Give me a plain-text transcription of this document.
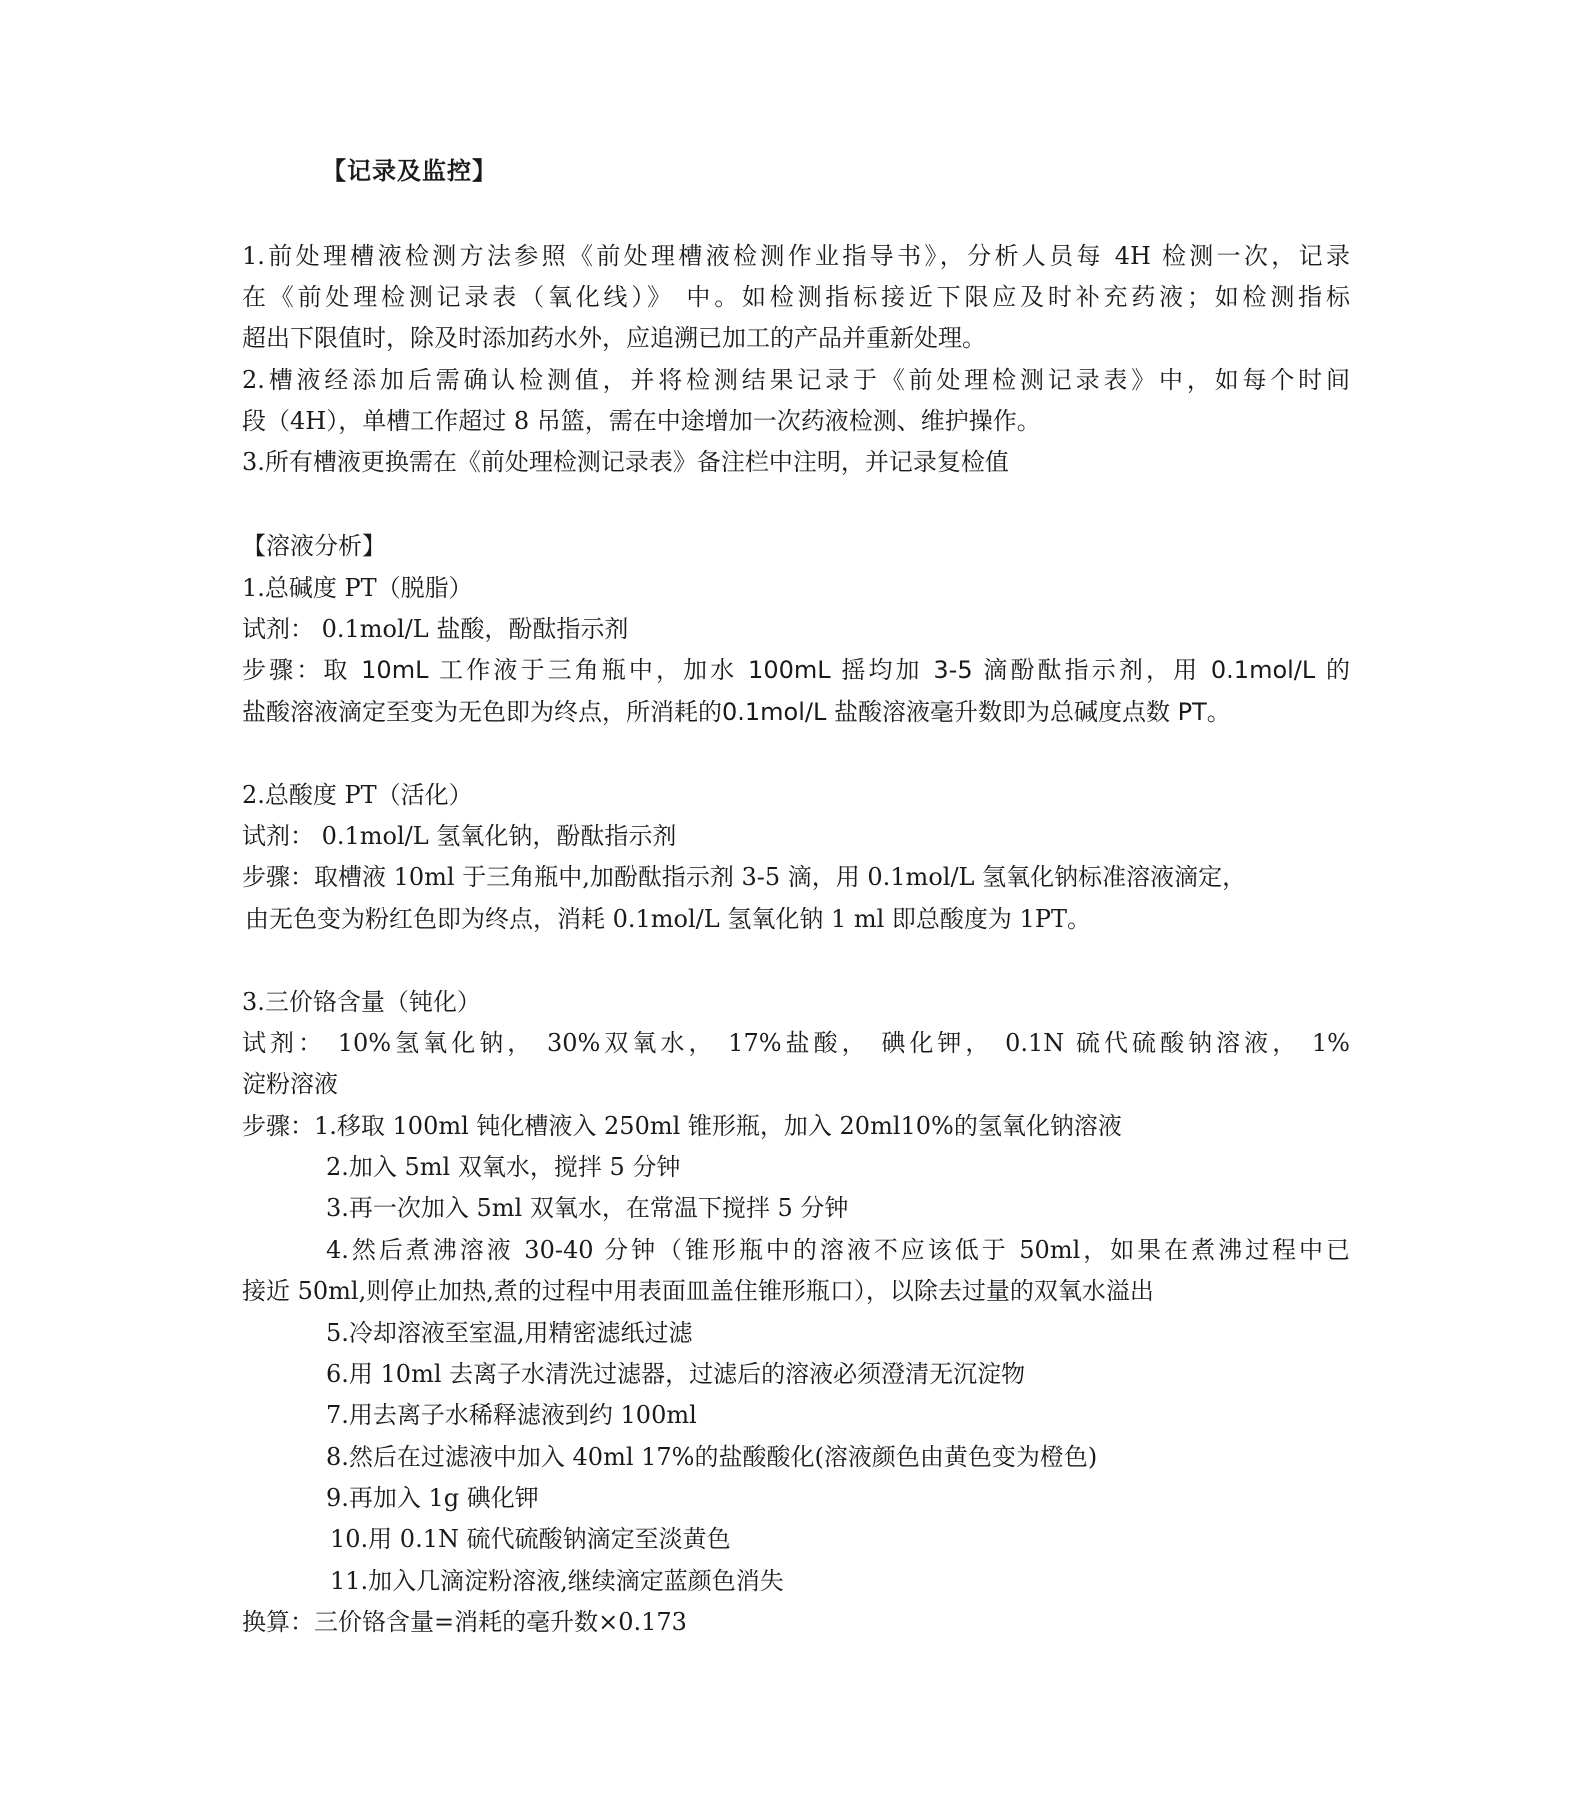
【记录及监控】
1.前处理槽液检测方法参照《前处理槽液检测作业指导书》，分析人员每 4H 检测一次，记录
在《前处理检测记录表（氧化线）》 中。如检测指标接近下限应及时补充药液；如检测指标
超出下限值时，除及时添加药水外，应追溯已加工的产品并重新处理。
2.槽液经添加后需确认检测值，并将检测结果记录于《前处理检测记录表》中，如每个时间
段（4H），单槽工作超过 8 吊篮，需在中途增加一次药液检测、维护操作。
3.所有槽液更换需在《前处理检测记录表》备注栏中注明，并记录复检值
【溶液分析】
1.总碱度 PT（脱脂）
试剂： 0.1mol/L 盐酸，酚酞指示剂
步骤：取 10mL 工作液于三角瓶中，加水 100mL 摇均加 3-5 滴酚酞指示剂，用 0.1mol/L 的
盐酸溶液滴定至变为无色即为终点，所消耗的0.1mol/L 盐酸溶液毫升数即为总碱度点数 PT。
2.总酸度 PT（活化）
试剂： 0.1mol/L 氢氧化钠，酚酞指示剂
步骤：取槽液 10ml 于三角瓶中,加酚酞指示剂 3-5 滴，用 0.1mol/L 氢氧化钠标准溶液滴定，
由无色变为粉红色即为终点，消耗 0.1mol/L 氢氧化钠 1 ml 即总酸度为 1PT。
3.三价铬含量（钝化）
试剂： 10%氢氧化钠， 30%双氧水， 17%盐酸， 碘化钾， 0.1N 硫代硫酸钠溶液， 1%
淀粉溶液
步骤：1.移取 100ml 钝化槽液入 250ml 锥形瓶，加入 20ml10%的氢氧化钠溶液
2.加入 5ml 双氧水，搅拌 5 分钟
3.再一次加入 5ml 双氧水，在常温下搅拌 5 分钟
4.然后煮沸溶液 30-40 分钟（锥形瓶中的溶液不应该低于 50ml，如果在煮沸过程中已
接近 50ml,则停止加热,煮的过程中用表面皿盖住锥形瓶口），以除去过量的双氧水溢出
5.冷却溶液至室温,用精密滤纸过滤
6.用 10ml 去离子水清洗过滤器，过滤后的溶液必须澄清无沉淀物
7.用去离子水稀释滤液到约 100ml
8.然后在过滤液中加入 40ml 17%的盐酸酸化(溶液颜色由黄色变为橙色)
9.再加入 1g 碘化钾
10.用 0.1N 硫代硫酸钠滴定至淡黄色
11.加入几滴淀粉溶液,继续滴定蓝颜色消失
换算：三价铬含量=消耗的毫升数×0.173
